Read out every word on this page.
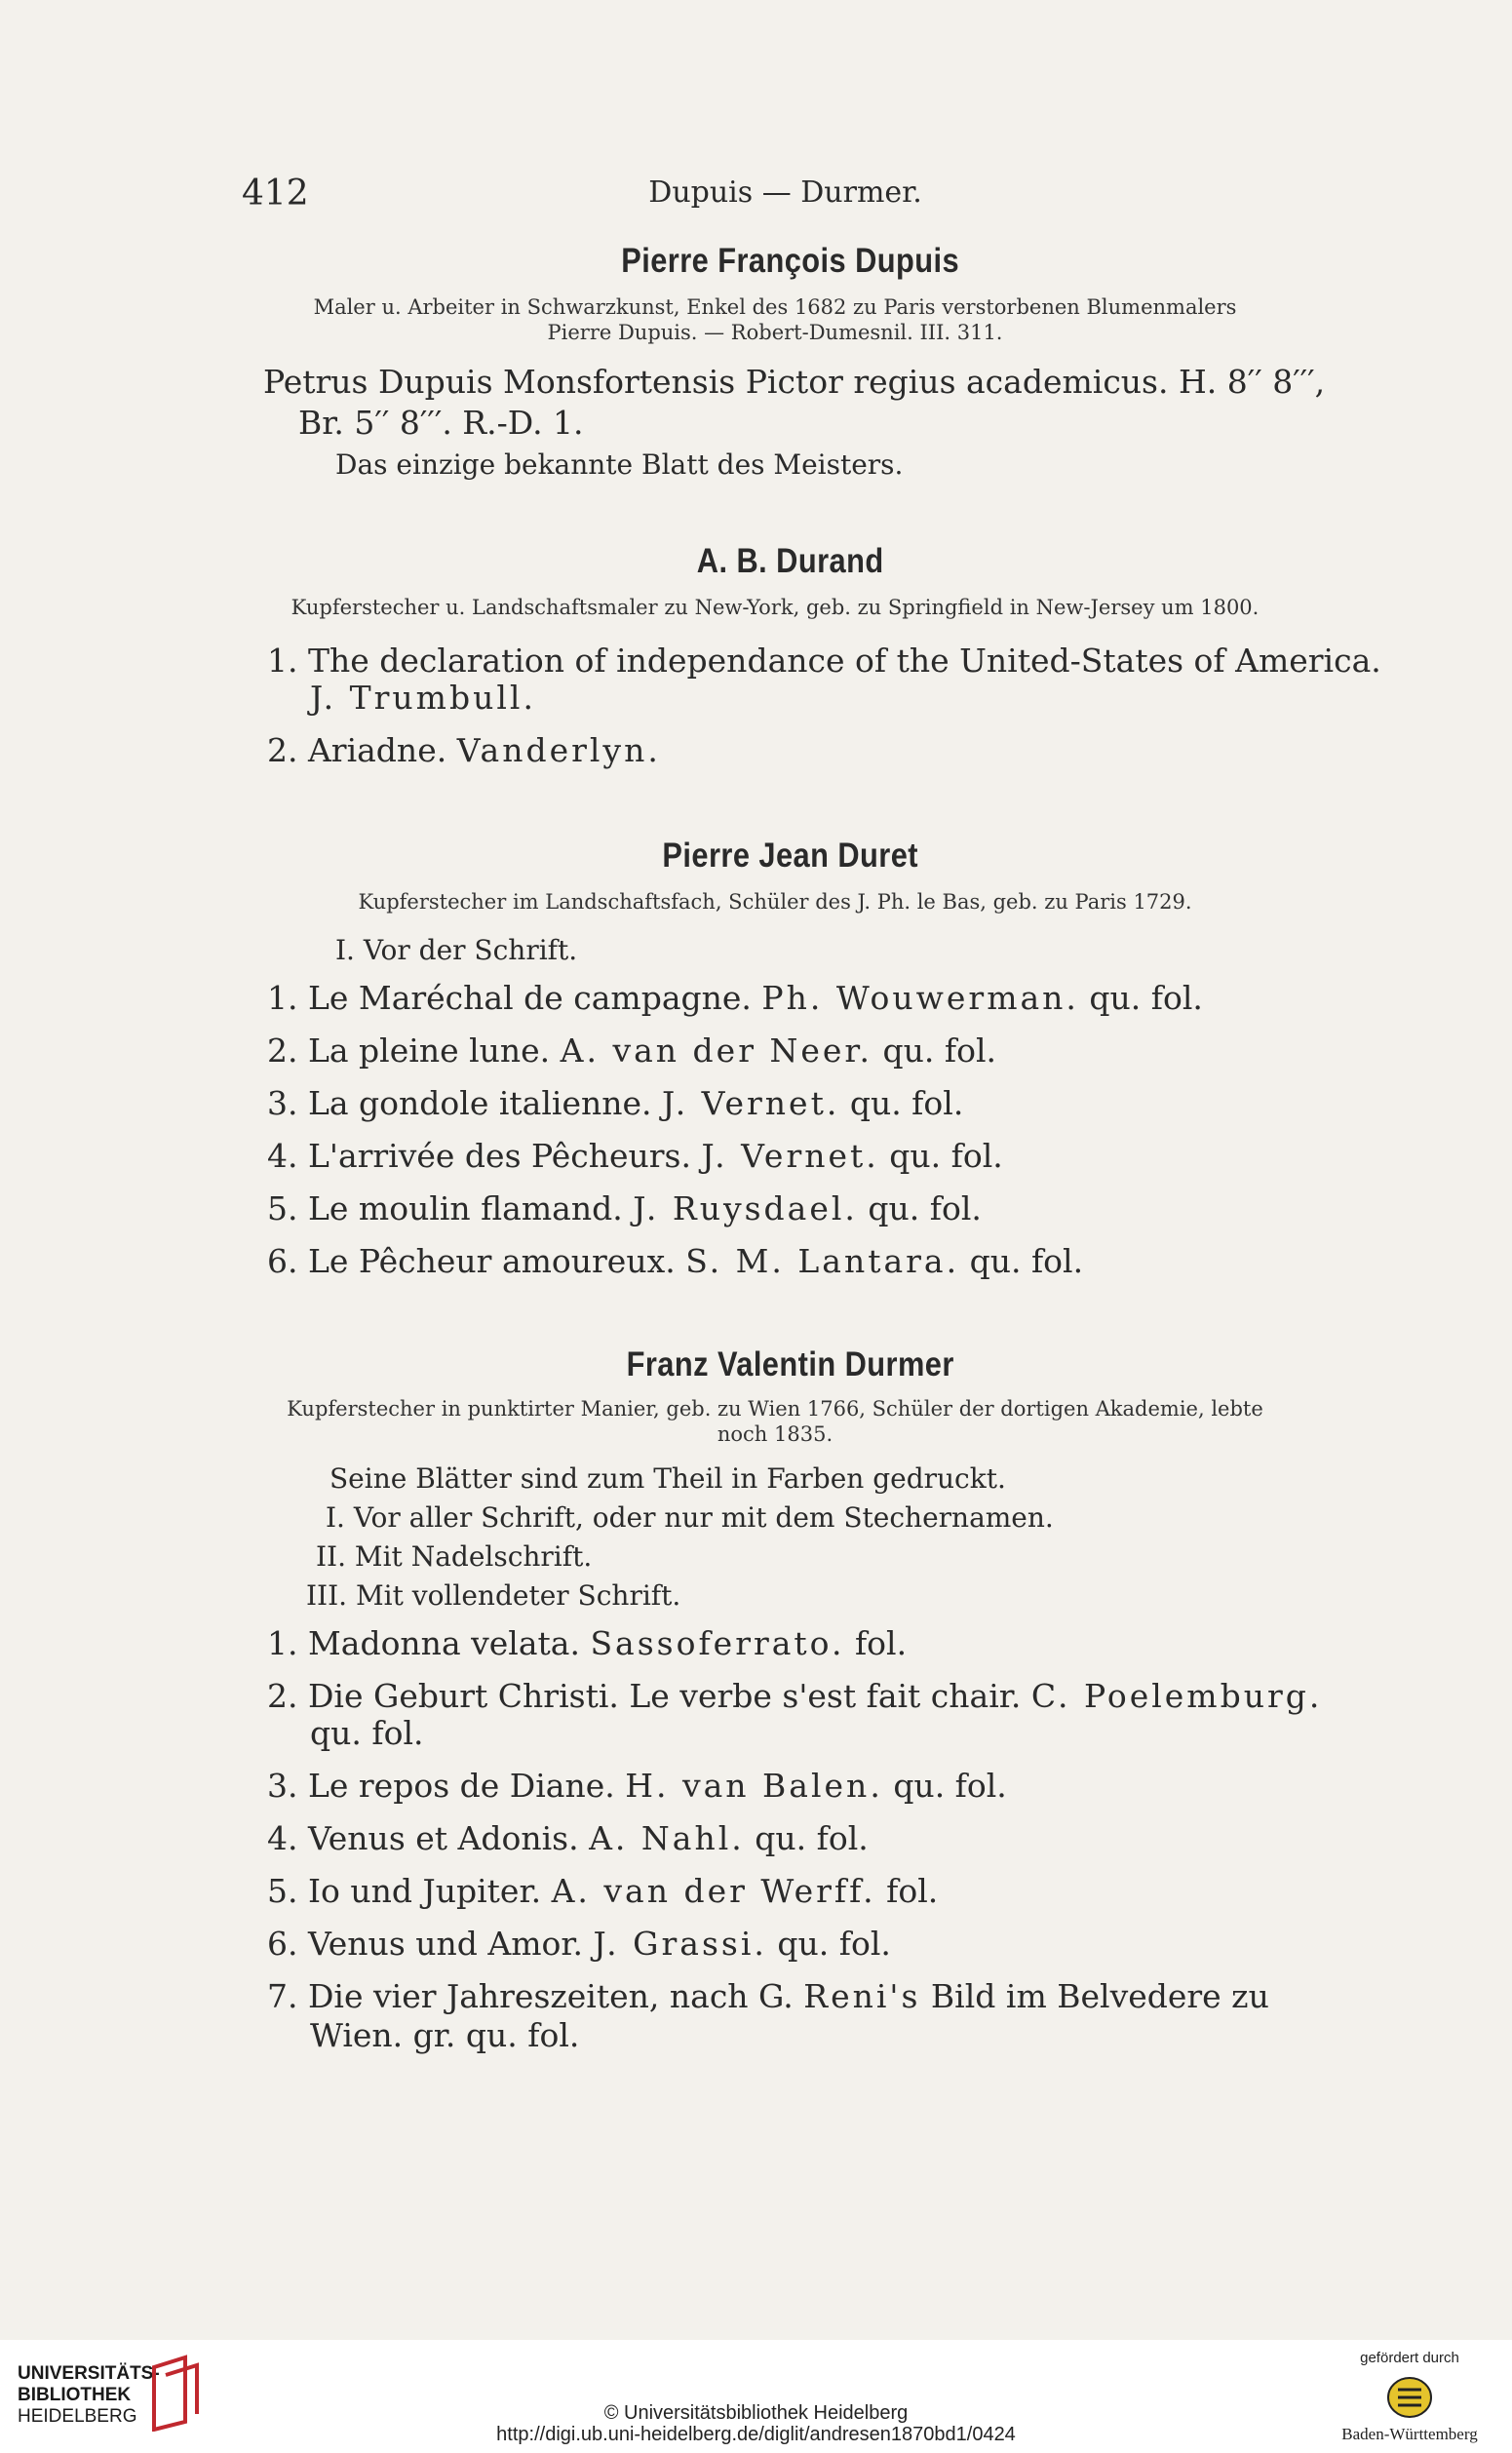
412	Dupuis — Durmer.
Pierre François Dupuis
Maler u. Arbeiter in Schwarzkunst, Enkel des 1682 zu Paris verstorbenen Blumenmalers
Pierre Dupuis. — Robert-Dumesnil. III. 311.
Petrus Dupuis Monsfortensis Pictor regius academicus. H. 8′′ 8′′′,
Br. 5′′ 8′′′. R.-D. 1.
Das einzige bekannte Blatt des Meisters.
A. B. Durand
Kupferstecher u. Landschaftsmaler zu New-York, geb. zu Springfield in New-Jersey um 1800.
1. The declaration of independance of the United-States of America.
J. Trumbull.
2. Ariadne. Vanderlyn.
Pierre Jean Duret
Kupferstecher im Landschaftsfach, Schüler des J. Ph. le Bas, geb. zu Paris 1729.
I. Vor der Schrift.
1. Le Maréchal de campagne. Ph. Wouwerman. qu. fol.
2. La pleine lune. A. van der Neer. qu. fol.
3. La gondole italienne. J. Vernet. qu. fol.
4. L'arrivée des Pêcheurs. J. Vernet. qu. fol.
5. Le moulin flamand. J. Ruysdael. qu. fol.
6. Le Pêcheur amoureux. S. M. Lantara. qu. fol.
Franz Valentin Durmer
Kupferstecher in punktirter Manier, geb. zu Wien 1766, Schüler der dortigen Akademie, lebte
noch 1835.
Seine Blätter sind zum Theil in Farben gedruckt.
I. Vor aller Schrift, oder nur mit dem Stechernamen.
II. Mit Nadelschrift.
III. Mit vollendeter Schrift.
1. Madonna velata. Sassoferrato. fol.
2. Die Geburt Christi. Le verbe s'est fait chair. C. Poelemburg.
3. Le repos de Diane. H. van Balen. qu. fol.
4. Venus et Adonis. A. Nahl. qu. fol.
5. Io und Jupiter. A. van der Werff. fol.
6. Venus und Amor. J. Grassi. qu. fol.
7. Die vier Jahreszeiten, nach G. Reni's Bild im Belvedere zu
qu. fol.
Wien. gr. qu. fol.
UNIVERSITÄTS-
BIBLIOTHEK
HEIDELBERG	© Universitätsbibliothek Heidelberg
http://digi.ub.uni-heidelberg.de/diglit/andresen1870bd1/0424
gefördert durch
Baden-Württemberg
